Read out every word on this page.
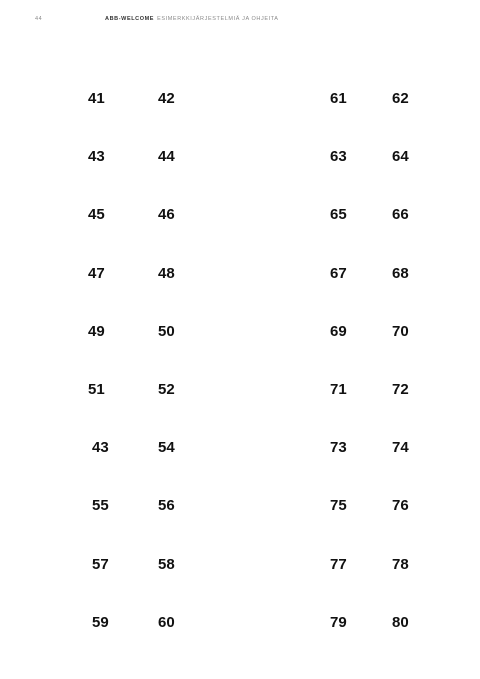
44	ABB-WELCOME ESIMERKKIJÄRJESTELMIÄ JA OHJEITA
41	42	61	62
43	44	63	64
45	46	65	66
47	48	67	68
49	50	69	70
51	52	71	72
43	54	73	74
55	56	75	76
57	58	77	78
59	60	79	80
